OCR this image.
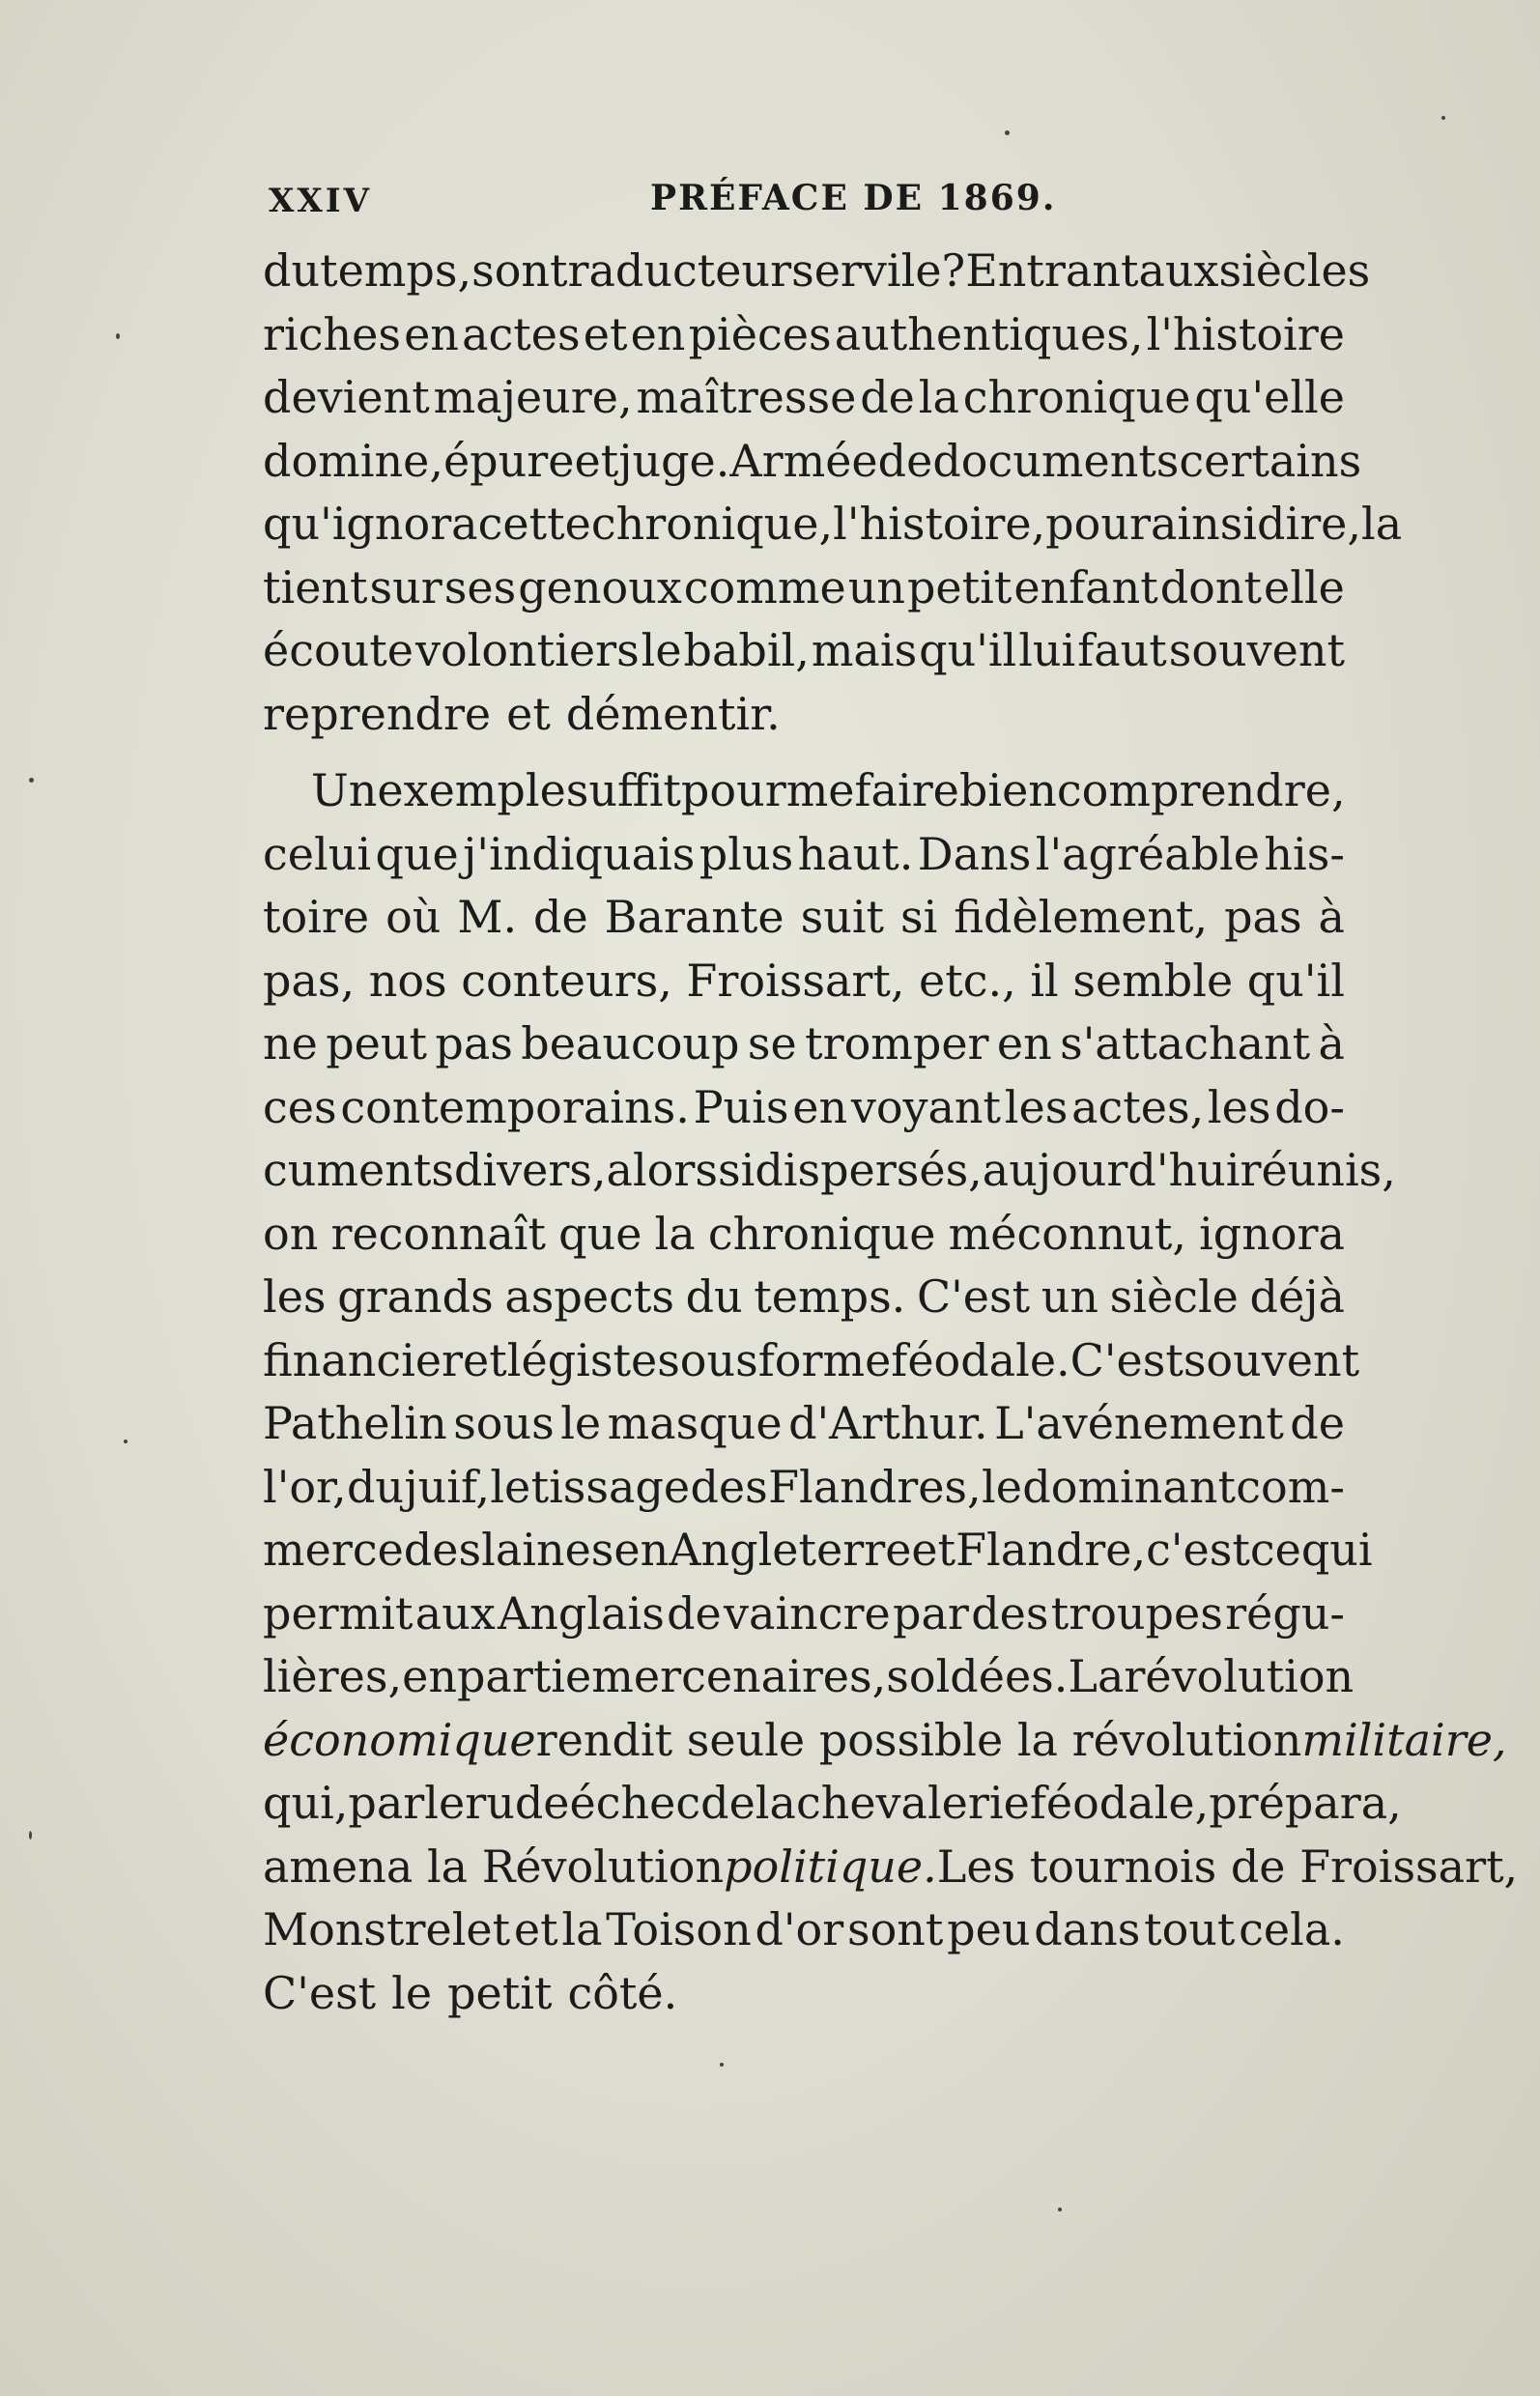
XXIV	PRÉFACE DE 1869.
du temps, son traducteur servile? Entrant aux siècles
riches en actes et en pièces authentiques, l'histoire
devient majeure, maîtresse de la chronique qu'elle
domine, épure et juge. Armée de documents certains
qu'ignora cette chronique, l'histoire, pour ainsi dire, la
tient sur ses genoux comme un petit enfant dont elle
écoute volontiers le babil, mais qu'il lui faut souvent
reprendre et démentir.
Un exemple suffit pour me faire bien comprendre,
celui que j'indiquais plus haut. Dans l'agréable his-
toire où M. de Barante suit si fidèlement, pas à
pas, nos conteurs, Froissart, etc., il semble qu'il
ne peut pas beaucoup se tromper en s'attachant à
ces contemporains. Puis en voyant les actes, les do-
cuments divers, alors si dispersés, aujourd'hui réunis,
on reconnaît que la chronique méconnut, ignora
les grands aspects du temps. C'est un siècle déjà
financier et légiste sous forme féodale. C'est souvent
Pathelin sous le masque d'Arthur. L'avénement de
l'or, du juif, le tissage des Flandres, le dominant com-
merce des laines en Angleterre et Flandre, c'est ce qui
permit aux Anglais de vaincre par des troupes régu-
lières, en partie mercenaires, soldées. La révolution
économique rendit seule possible la révolution militaire,
qui, par le rude échec de la chevalerie féodale, prépara,
amena la Révolution politique. Les tournois de Froissart,
Monstrelet et la Toison d'or sont peu dans tout cela.
C'est le petit côté.
